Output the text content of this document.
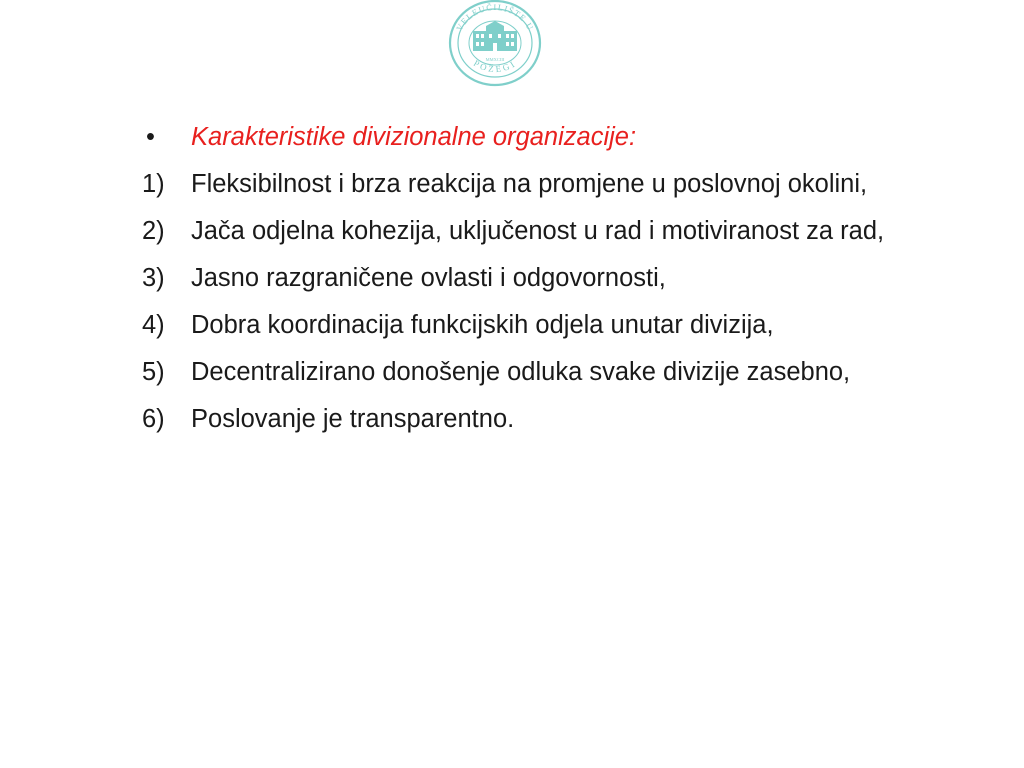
VELEUČILIŠTE U
POŽEGI
MMXCIII
•	Karakteristike divizionalne organizacije:
1)	Fleksibilnost i brza reakcija na promjene u poslovnoj okolini,
2)	Jača odjelna kohezija, uključenost u rad i motiviranost za rad,
3)	Jasno razgraničene ovlasti i odgovornosti,
4)	Dobra koordinacija funkcijskih odjela unutar divizija,
5)	Decentralizirano donošenje odluka svake divizije zasebno,
6)	Poslovanje je transparentno.
